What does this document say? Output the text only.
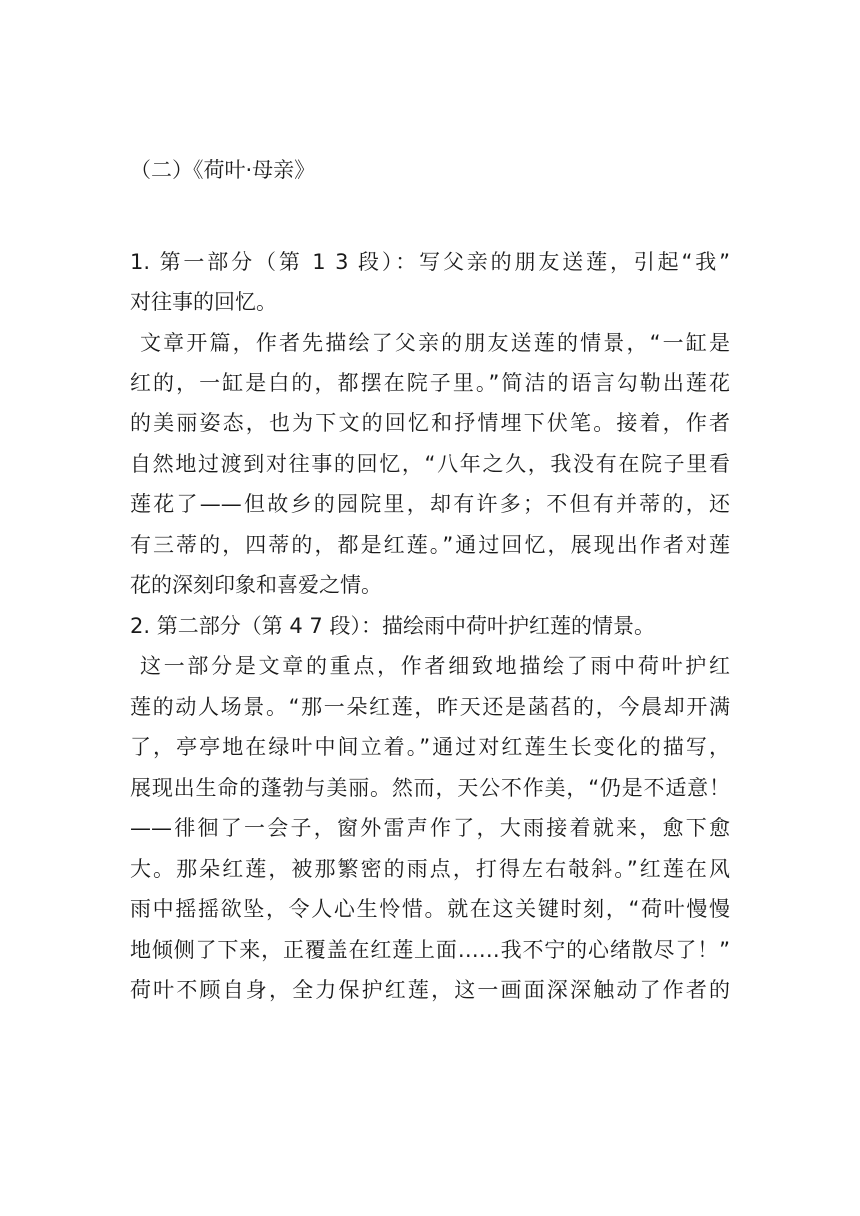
（二）《荷叶·母亲》
1. 第一部分（第 1 3 段）：写父亲的朋友送莲，引起“我”
对往事的回忆。
文章开篇，作者先描绘了父亲的朋友送莲的情景，“一缸是
红的，一缸是白的，都摆在院子里。”简洁的语言勾勒出莲花
的美丽姿态，也为下文的回忆和抒情埋下伏笔。接着，作者
自然地过渡到对往事的回忆，“八年之久，我没有在院子里看
莲花了——但故乡的园院里，却有许多；不但有并蒂的，还
有三蒂的，四蒂的，都是红莲。”通过回忆，展现出作者对莲
花的深刻印象和喜爱之情。
2. 第二部分（第 4 7 段）：描绘雨中荷叶护红莲的情景。
这一部分是文章的重点，作者细致地描绘了雨中荷叶护红
莲的动人场景。“那一朵红莲，昨天还是菡萏的，今晨却开满
了，亭亭地在绿叶中间立着。”通过对红莲生长变化的描写，
展现出生命的蓬勃与美丽。然而，天公不作美，“仍是不适意！
——徘徊了一会子，窗外雷声作了，大雨接着就来，愈下愈
大。那朵红莲，被那繁密的雨点，打得左右攲斜。”红莲在风
雨中摇摇欲坠，令人心生怜惜。就在这关键时刻，“荷叶慢慢
地倾侧了下来，正覆盖在红莲上面……我不宁的心绪散尽了！”
荷叶不顾自身，全力保护红莲，这一画面深深触动了作者的
